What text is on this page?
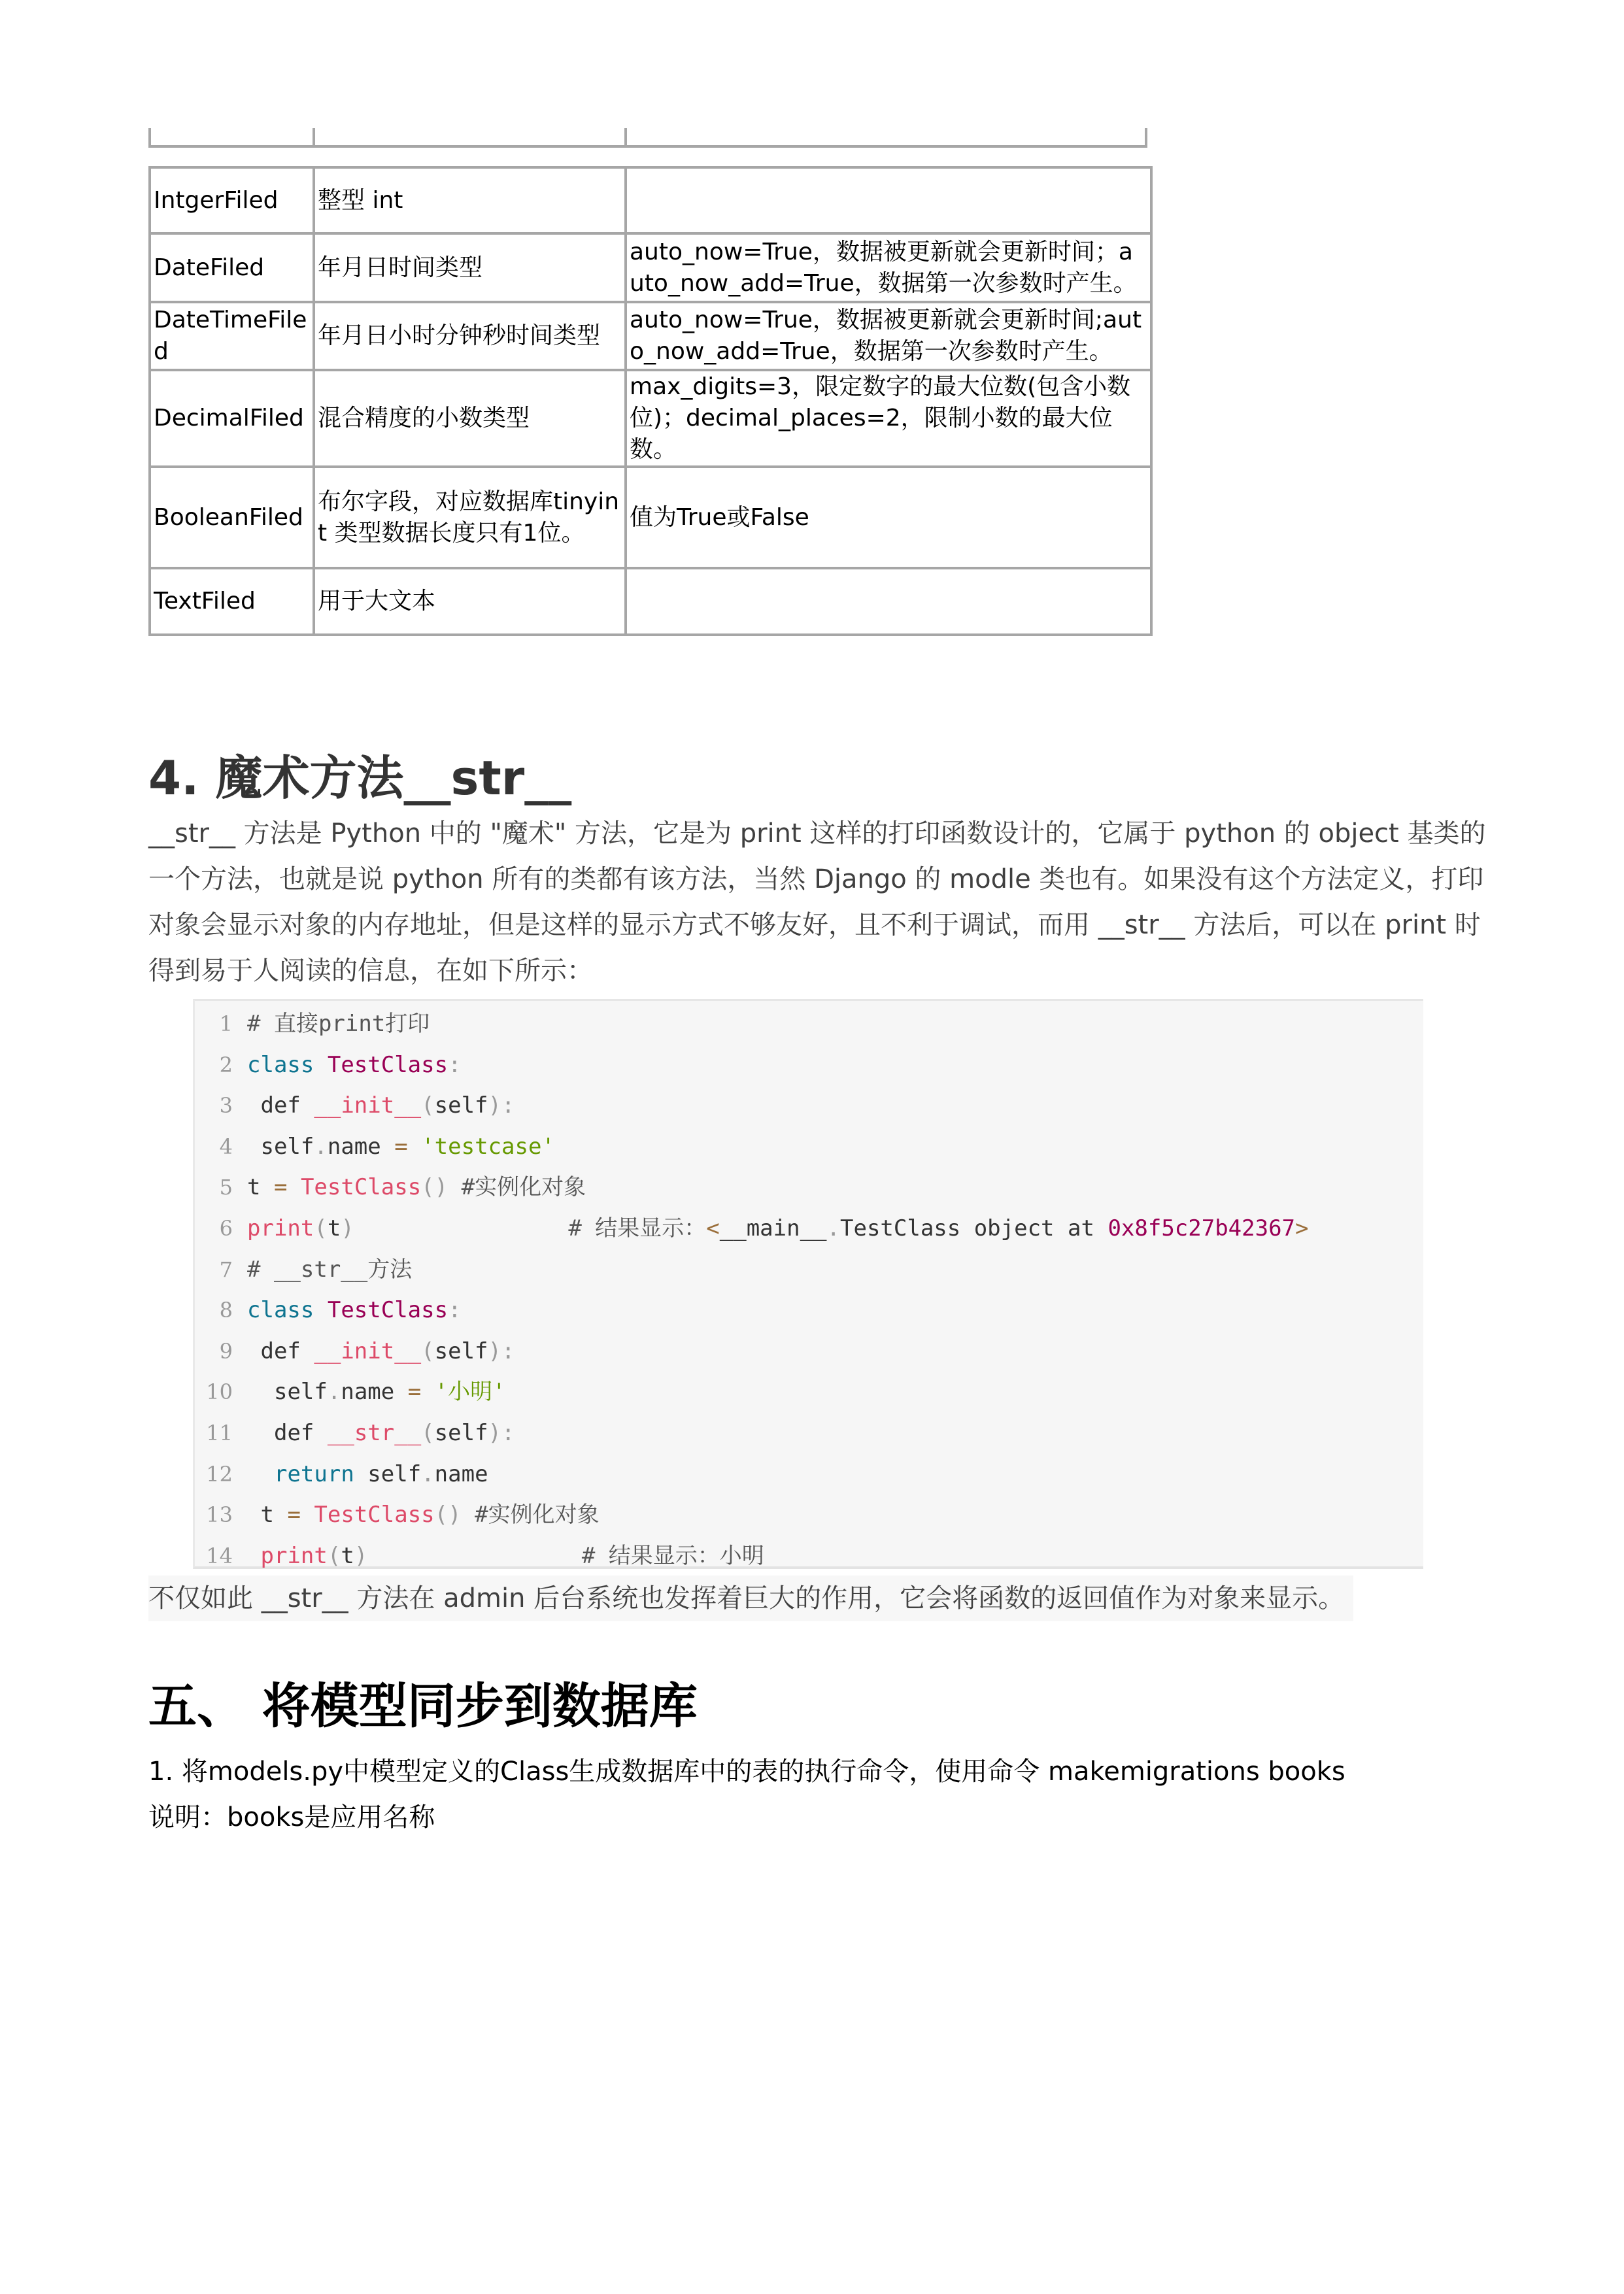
IntgerFiled	整型 int	
DateFiled	年月日时间类型	auto_now=True，数据被更新就会更新时间；auto_now_add=True，数据第一次参数时产生。
DateTimeFiled	年月日小时分钟秒时间类型	auto_now=True，数据被更新就会更新时间;auto_now_add=True，数据第一次参数时产生。
DecimalFiled	混合精度的小数类型	max_digits=3，限定数字的最大位数(包含小数位)；decimal_places=2，限制小数的最大位数。
BooleanFiled	布尔字段，对应数据库tinyint 类型数据长度只有1位。	值为True或False
TextFiled	用于大文本	
4. 魔术方法__str__

__str__ 方法是 Python 中的 "魔术" 方法，它是为 print 这样的打印函数设计的，它属于 python 的 object 基类的一个方法，也就是说 python 所有的类都有该方法，当然 Django 的 modle 类也有。如果没有这个方法定义，打印对象会显示对象的内存地址，但是这样的显示方式不够友好，且不利于调试，而用 __str__ 方法后，可以在 print 时得到易于人阅读的信息，在如下所示：

1 # 直接print打印
2 class TestClass:
3 def __init__(self):
4 self.name = 'testcase'
5 t = TestClass() #实例化对象
6 print(t)	# 结果显示：<__main__.TestClass object at 0x8f5c27b42367>
7 # __str__方法
8 class TestClass:
9 def __init__(self):
10 self.name = '小明'
11 def __str__(self):
12 return self.name
13 t = TestClass() #实例化对象
14 print(t)	# 结果显示：小明

不仅如此 __str__ 方法在 admin 后台系统也发挥着巨大的作用，它会将函数的返回值作为对象来显示。

五、 将模型同步到数据库

1. 将models.py中模型定义的Class生成数据库中的表的执行命令，使用命令 makemigrations books

说明：books是应用名称
